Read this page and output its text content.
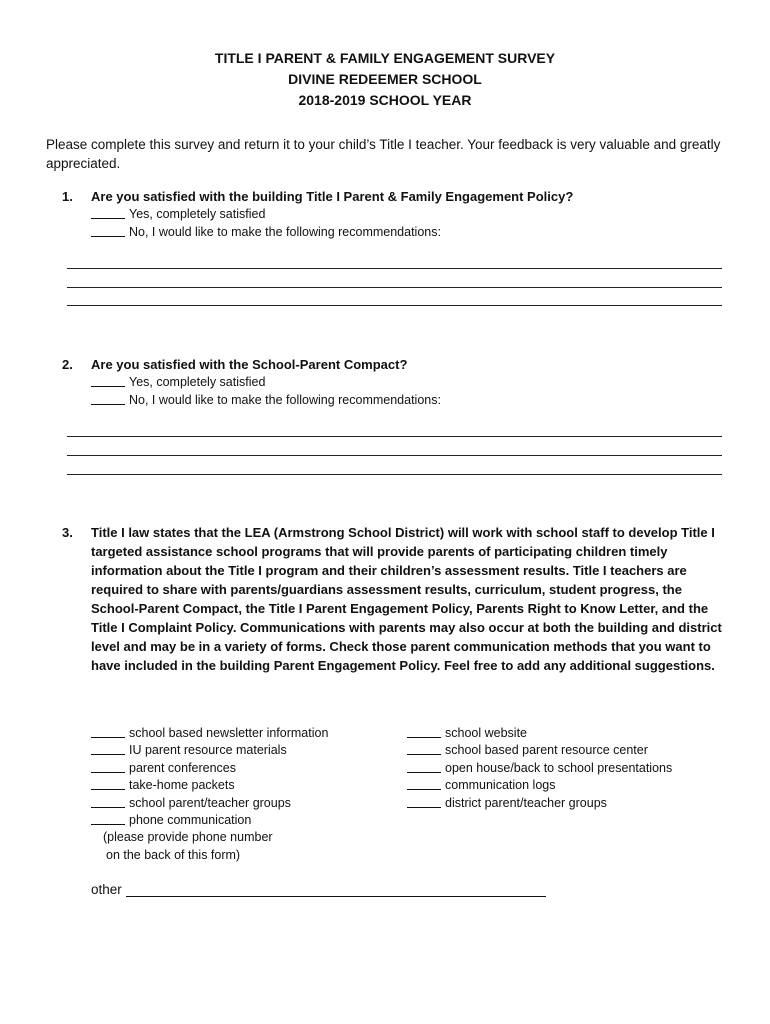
TITLE I PARENT & FAMILY ENGAGEMENT SURVEY
DIVINE REDEEMER SCHOOL
2018-2019 SCHOOL YEAR
Please complete this survey and return it to your child’s Title I teacher. Your feedback is very valuable and greatly appreciated.
1.	Are you satisfied with the building Title I Parent & Family Engagement Policy?
Yes, completely satisfied
No, I would like to make the following recommendations:
2.	Are you satisfied with the School-Parent Compact?
Yes, completely satisfied
No, I would like to make the following recommendations:
3.	Title I law states that the LEA (Armstrong School District) will work with school staff to develop Title I targeted assistance school programs that will provide parents of participating children timely information about the Title I program and their children’s assessment results. Title I teachers are required to share with parents/guardians assessment results, curriculum, student progress, the School-Parent Compact, the Title I Parent Engagement Policy, Parents Right to Know Letter, and the Title I Complaint Policy. Communications with parents may also occur at both the building and district level and may be in a variety of forms. Check those parent communication methods that you want to have included in the building Parent Engagement Policy. Feel free to add any additional suggestions.
school based newsletter information
IU parent resource materials
parent conferences
take-home packets
school parent/teacher groups
phone communication
(please provide phone number
on the back of this form)
school website
school based parent resource center
open house/back to school presentations
communication logs
district parent/teacher groups
other
